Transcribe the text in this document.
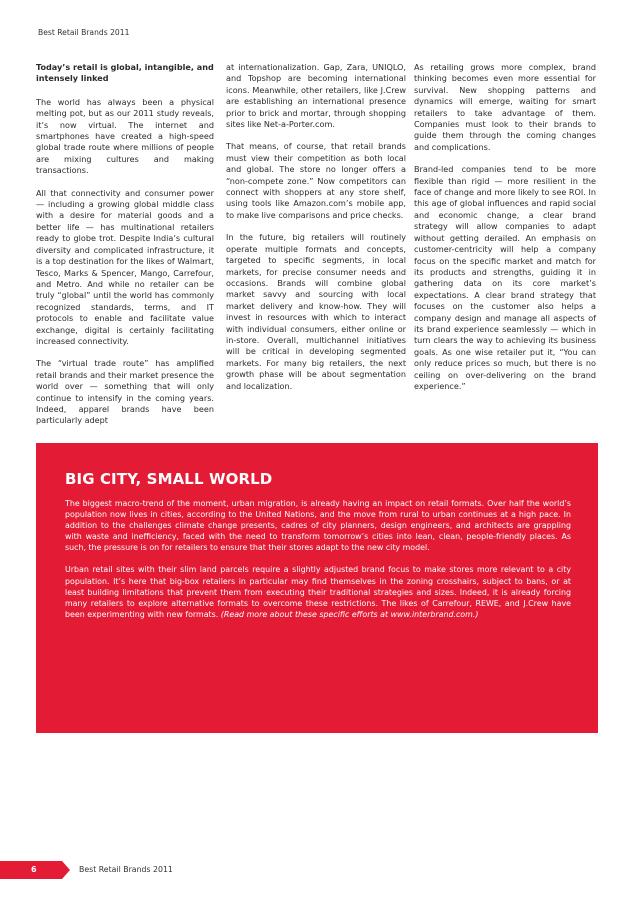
Best Retail Brands 2011

Today’s retail is global, intangible, and intensely linked

The world has always been a physical melting pot, but as our 2011 study reveals, it’s now virtual. The internet and smartphones have created a high-speed global trade route where millions of people are mixing cultures and making transactions.

All that connectivity and consumer power — including a growing global middle class with a desire for material goods and a better life — has multinational retailers ready to globe trot. Despite India’s cultural diversity and complicated infrastructure, it is a top destination for the likes of Walmart, Tesco, Marks & Spencer, Mango, Carrefour, and Metro. And while no retailer can be truly “global” until the world has commonly recognized standards, terms, and IT protocols to enable and facilitate value exchange, digital is certainly facilitating increased connectivity.

The “virtual trade route” has amplified retail brands and their market presence the world over — something that will only continue to intensify in the coming years. Indeed, apparel brands have been particularly adept

at internationalization. Gap, Zara, UNIQLO, and Topshop are becoming international icons. Meanwhile, other retailers, like J.Crew are establishing an international presence prior to brick and mortar, through shopping sites like Net-a-Porter.com.

That means, of course, that retail brands must view their competition as both local and global. The store no longer offers a “non-compete zone.” Now competitors can connect with shoppers at any store shelf, using tools like Amazon.com’s mobile app, to make live comparisons and price checks.

In the future, big retailers will routinely operate multiple formats and concepts, targeted to specific segments, in local markets, for precise consumer needs and occasions. Brands will combine global market savvy and sourcing with local market delivery and know-how. They will invest in resources with which to interact with individual consumers, either online or in-store. Overall, multichannel initiatives will be critical in developing segmented markets. For many big retailers, the next growth phase will be about segmentation and localization.

As retailing grows more complex, brand thinking becomes even more essential for survival. New shopping patterns and dynamics will emerge, waiting for smart retailers to take advantage of them. Companies must look to their brands to guide them through the coming changes and complications.

Brand-led companies tend to be more flexible than rigid — more resilient in the face of change and more likely to see ROI. In this age of global influences and rapid social and economic change, a clear brand strategy will allow companies to adapt without getting derailed. An emphasis on customer-centricity will help a company focus on the specific market and match for its products and strengths, guiding it in gathering data on its core market’s expectations. A clear brand strategy that focuses on the customer also helps a company design and manage all aspects of its brand experience seamlessly — which in turn clears the way to achieving its business goals. As one wise retailer put it, “You can only reduce prices so much, but there is no ceiling on over-delivering on the brand experience.”

BIG CITY, SMALL WORLD

The biggest macro-trend of the moment, urban migration, is already having an impact on retail formats. Over half the world’s population now lives in cities, according to the United Nations, and the move from rural to urban continues at a high pace. In addition to the challenges climate change presents, cadres of city planners, design engineers, and architects are grappling with waste and inefficiency, faced with the need to transform tomorrow’s cities into lean, clean, people-friendly places. As such, the pressure is on for retailers to ensure that their stores adapt to the new city model.

Urban retail sites with their slim land parcels require a slightly adjusted brand focus to make stores more relevant to a city population. It’s here that big-box retailers in particular may find themselves in the zoning crosshairs, subject to bans, or at least building limitations that prevent them from executing their traditional strategies and sizes. Indeed, it is already forcing many retailers to explore alternative formats to overcome these restrictions. The likes of Carrefour, REWE, and J.Crew have been experimenting with new formats. (Read more about these specific efforts at www.interbrand.com.)

6	Best Retail Brands 2011
